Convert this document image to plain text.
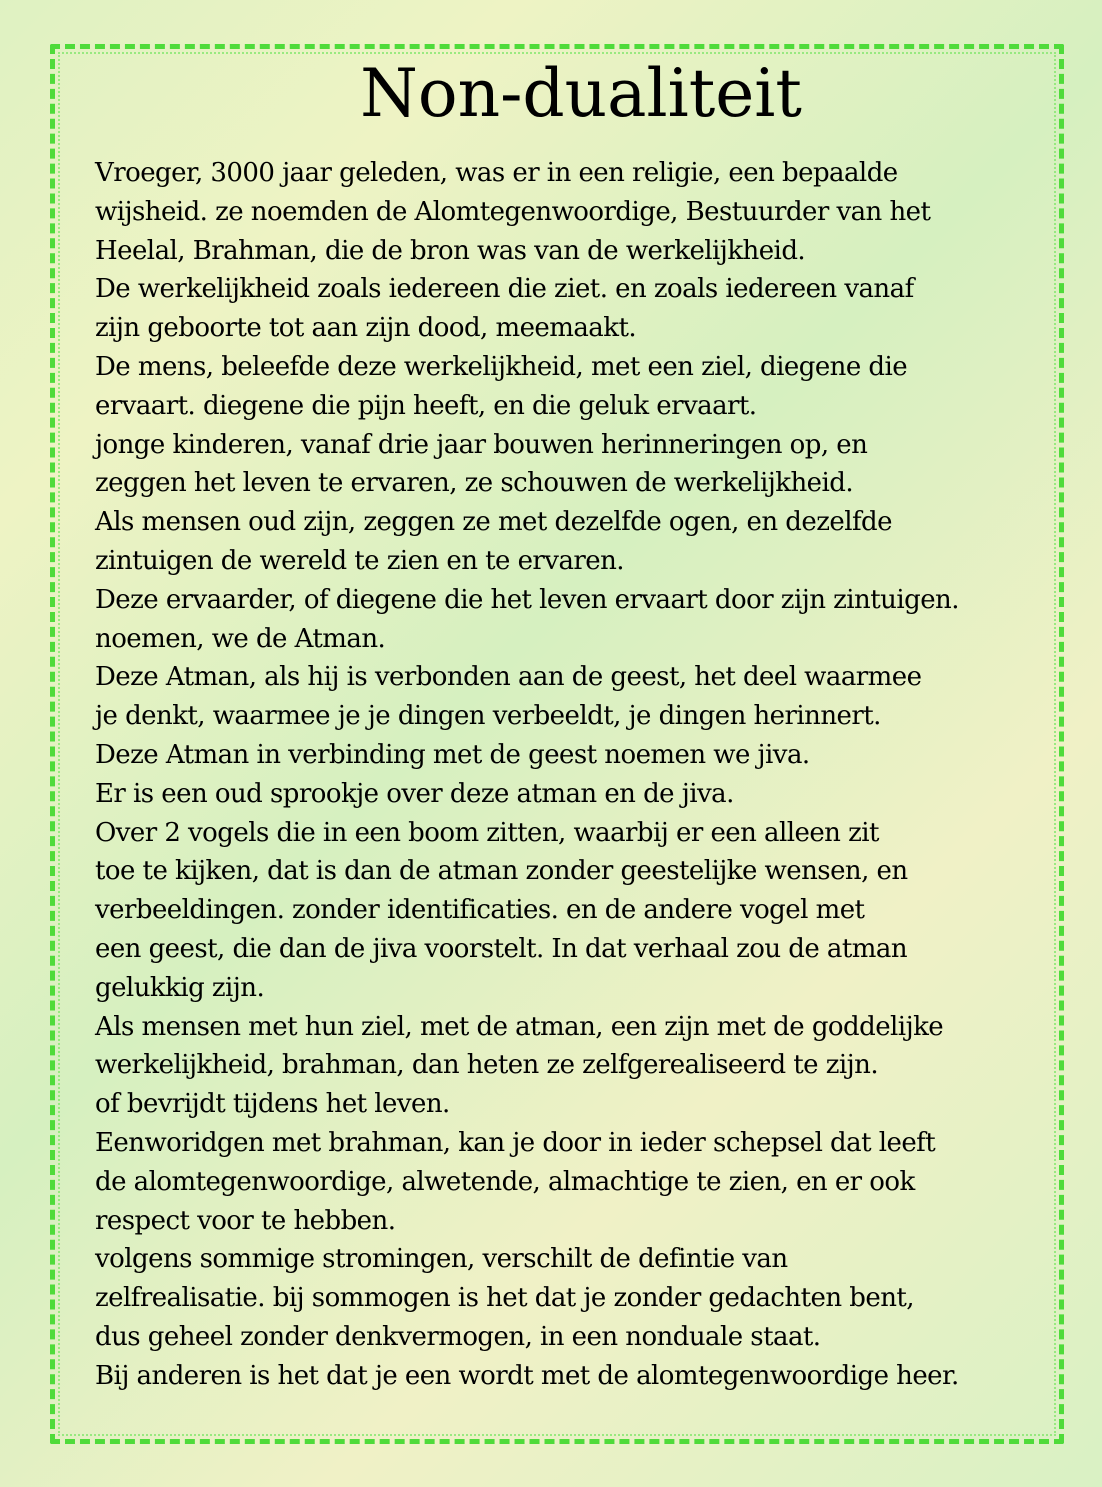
Non-dualiteit
Vroeger, 3000 jaar geleden, was er in een religie, een bepaalde
wijsheid. ze noemden de Alomtegenwoordige, Bestuurder van het
Heelal, Brahman, die de bron was van de werkelijkheid.
De werkelijkheid zoals iedereen die ziet. en zoals iedereen vanaf
zijn geboorte tot aan zijn dood, meemaakt.
De mens, beleefde deze werkelijkheid, met een ziel, diegene die
ervaart. diegene die pijn heeft, en die geluk ervaart.
jonge kinderen, vanaf drie jaar bouwen herinneringen op, en
zeggen het leven te ervaren, ze schouwen de werkelijkheid.
Als mensen oud zijn, zeggen ze met dezelfde ogen, en dezelfde
zintuigen de wereld te zien en te ervaren.
Deze ervaarder, of diegene die het leven ervaart door zijn zintuigen.
noemen, we de Atman.
Deze Atman, als hij is verbonden aan de geest, het deel waarmee
je denkt, waarmee je je dingen verbeeldt, je dingen herinnert.
Deze Atman in verbinding met de geest noemen we jiva.
Er is een oud sprookje over deze atman en de jiva.
Over 2 vogels die in een boom zitten, waarbij er een alleen zit
toe te kijken, dat is dan de atman zonder geestelijke wensen, en
verbeeldingen. zonder identificaties. en de andere vogel met
een geest, die dan de jiva voorstelt. In dat verhaal zou de atman
gelukkig zijn.
Als mensen met hun ziel, met de atman, een zijn met de goddelijke
werkelijkheid, brahman, dan heten ze zelfgerealiseerd te zijn.
of bevrijdt tijdens het leven.
Eenworidgen met brahman, kan je door in ieder schepsel dat leeft
de alomtegenwoordige, alwetende, almachtige te zien, en er ook
respect voor te hebben.
volgens sommige stromingen, verschilt de defintie van
zelfrealisatie. bij sommogen is het dat je zonder gedachten bent,
dus geheel zonder denkvermogen, in een nonduale staat.
Bij anderen is het dat je een wordt met de alomtegenwoordige heer.
